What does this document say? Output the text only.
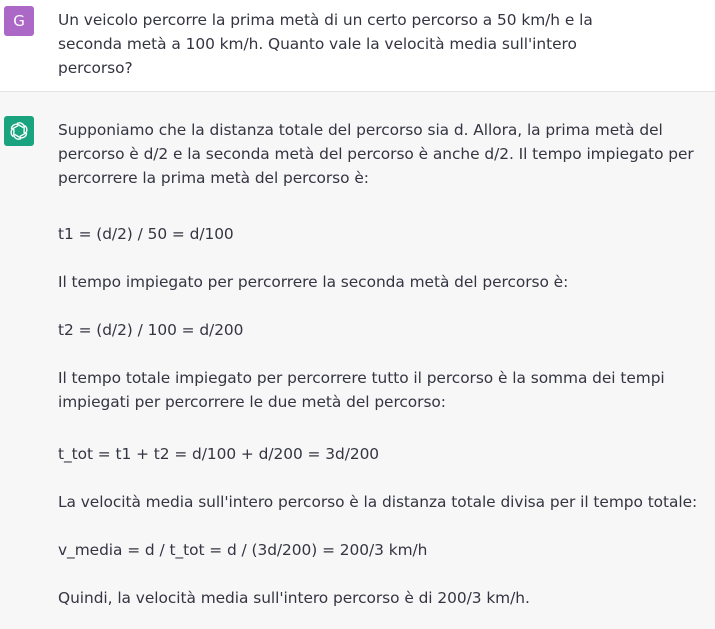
G Un veicolo percorre la prima metà di un certo percorso a 50 km/h e la seconda metà a 100 km/h. Quanto vale la velocità media sull'intero percorso?

Supponiamo che la distanza totale del percorso sia d. Allora, la prima metà del percorso è d/2 e la seconda metà del percorso è anche d/2. Il tempo impiegato per percorrere la prima metà del percorso è:

t1 = (d/2) / 50 = d/100

Il tempo impiegato per percorrere la seconda metà del percorso è:

t2 = (d/2) / 100 = d/200

Il tempo totale impiegato per percorrere tutto il percorso è la somma dei tempi impiegati per percorrere le due metà del percorso:

t_tot = t1 + t2 = d/100 + d/200 = 3d/200

La velocità media sull'intero percorso è la distanza totale divisa per il tempo totale:

v_media = d / t_tot = d / (3d/200) = 200/3 km/h

Quindi, la velocità media sull'intero percorso è di 200/3 km/h.
